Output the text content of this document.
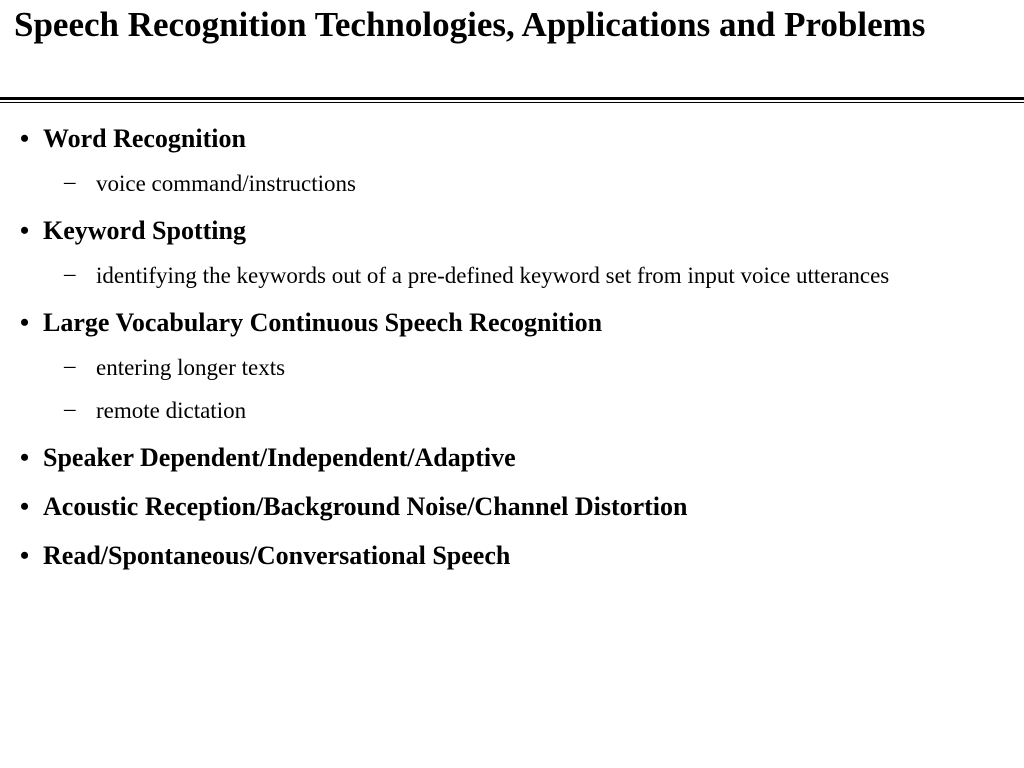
Speech Recognition Technologies, Applications and Problems
• Word Recognition
– voice command/instructions
• Keyword Spotting
– identifying the keywords out of a pre-defined keyword set from input voice utterances
• Large Vocabulary Continuous Speech Recognition
– entering longer texts
– remote dictation
• Speaker Dependent/Independent/Adaptive
• Acoustic Reception/Background Noise/Channel Distortion
• Read/Spontaneous/Conversational Speech
